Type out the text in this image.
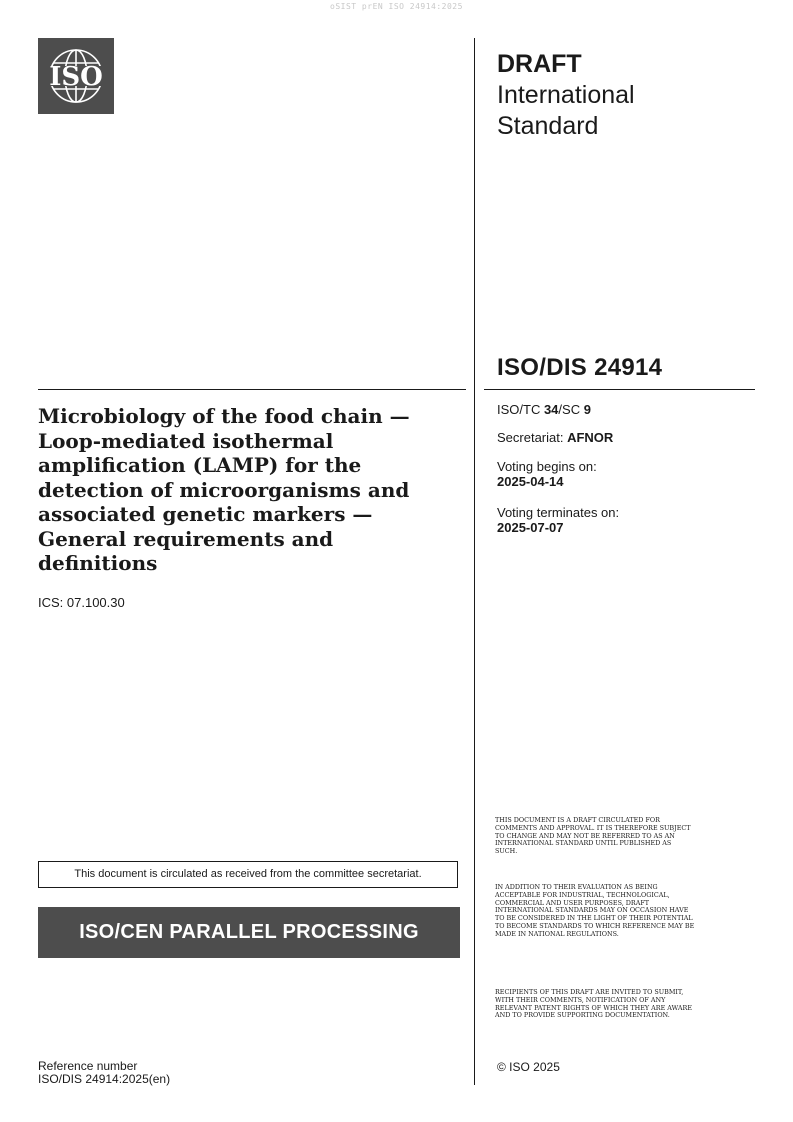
oSIST prEN ISO 24914:2025
ISO	DRAFT
International
Standard
ISO/DIS 24914
Microbiology of the food chain — Loop-mediated isothermal amplification (LAMP) for the detection of microorganisms and associated genetic markers — General requirements and definitions
ICS: 07.100.30
ISO/TC 34/SC 9
Secretariat: AFNOR
Voting begins on:
2025-04-14
Voting terminates on:
2025-07-07
THIS DOCUMENT IS A DRAFT CIRCULATED FOR COMMENTS AND APPROVAL. IT IS THEREFORE SUBJECT TO CHANGE AND MAY NOT BE REFERRED TO AS AN INTERNATIONAL STANDARD UNTIL PUBLISHED AS SUCH.
IN ADDITION TO THEIR EVALUATION AS BEING ACCEPTABLE FOR INDUSTRIAL, TECHNOLOGICAL, COMMERCIAL AND USER PURPOSES, DRAFT INTERNATIONAL STANDARDS MAY ON OCCASION HAVE TO BE CONSIDERED IN THE LIGHT OF THEIR POTENTIAL TO BECOME STANDARDS TO WHICH REFERENCE MAY BE MADE IN NATIONAL REGULATIONS.
RECIPIENTS OF THIS DRAFT ARE INVITED TO SUBMIT, WITH THEIR COMMENTS, NOTIFICATION OF ANY RELEVANT PATENT RIGHTS OF WHICH THEY ARE AWARE AND TO PROVIDE SUPPORTING DOCUMENTATION.
This document is circulated as received from the committee secretariat.
ISO/CEN PARALLEL PROCESSING
Reference number
ISO/DIS 24914:2025(en)
© ISO 2025
